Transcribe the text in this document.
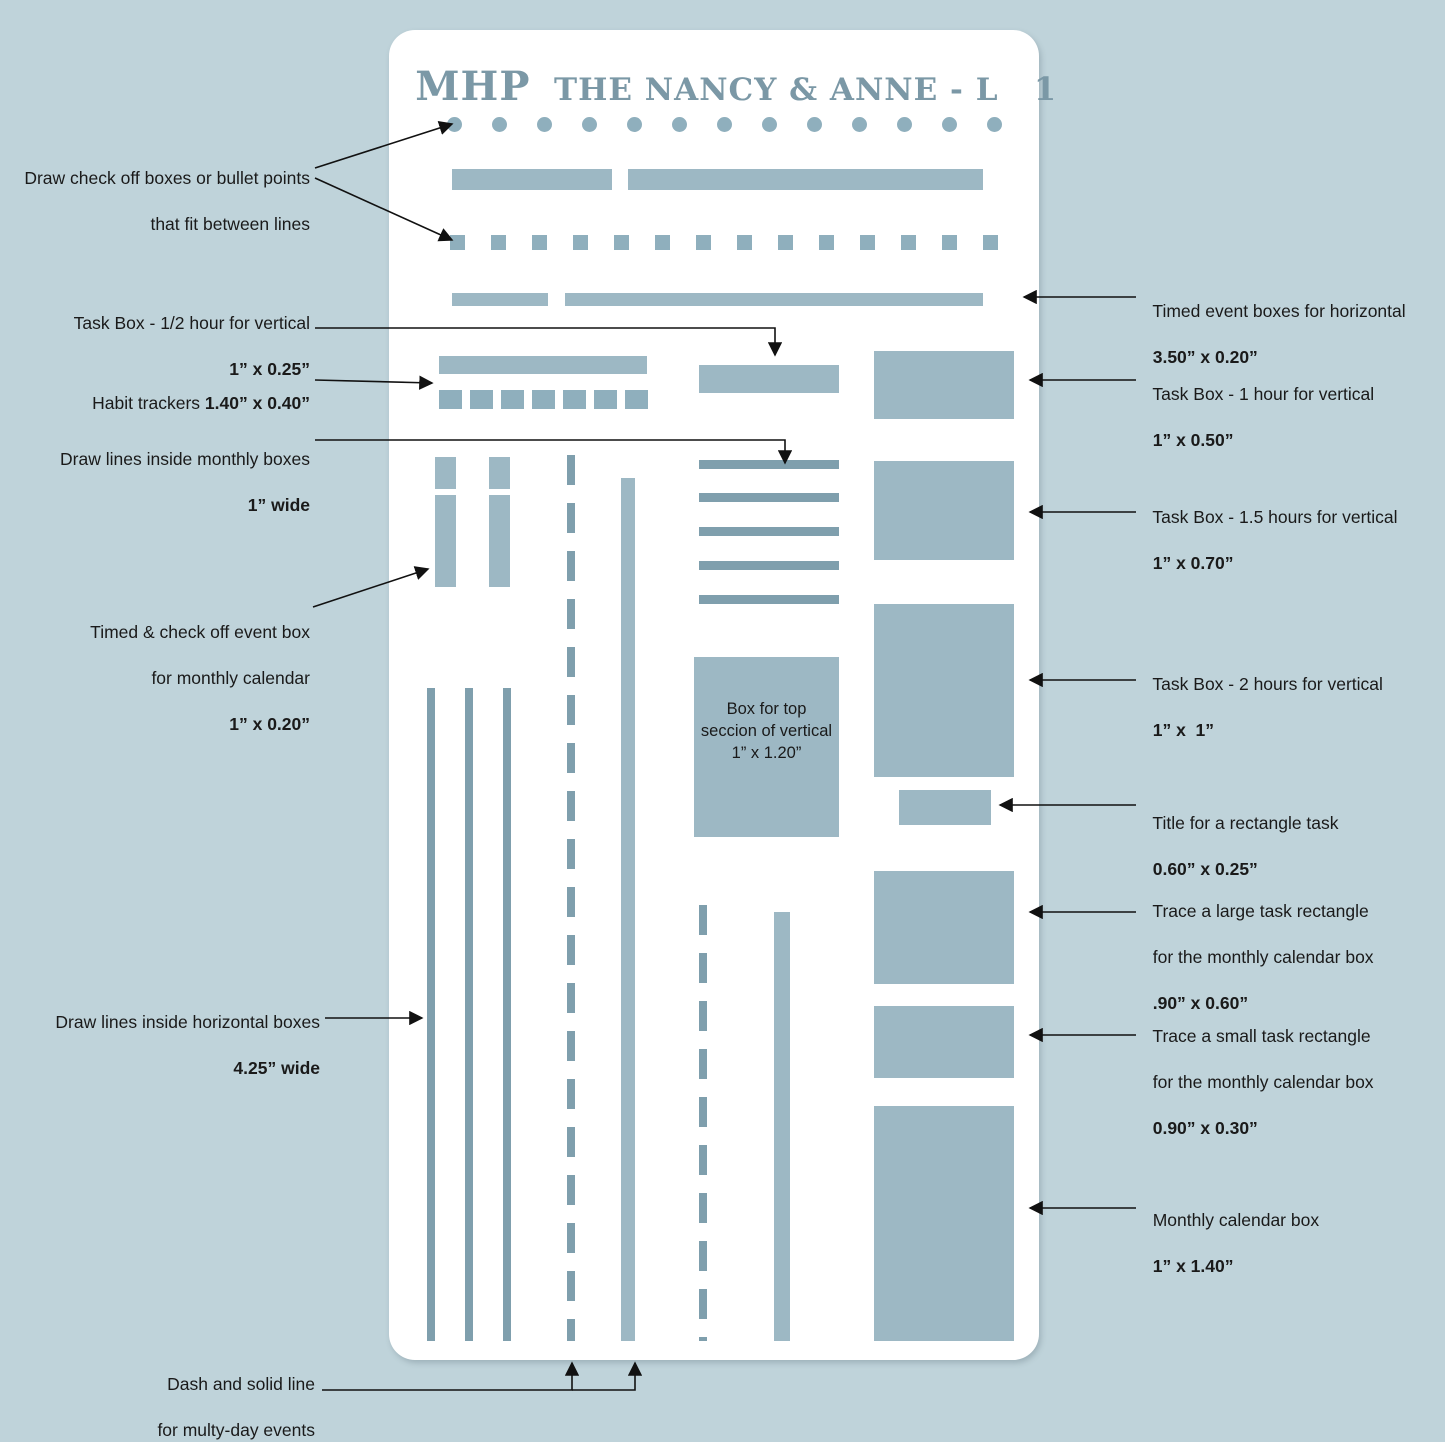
MHP THE NANCY & ANNE - L 1

Box for top
seccion of vertical
1” x 1.20”

Draw check off boxes or bullet points

that fit between lines

Task Box - 1/2 hour for vertical

1” x 0.25”

Habit trackers 1.40” x 0.40”

Draw lines inside monthly boxes

1” wide

Timed & check off event box

for monthly calendar

1” x 0.20”

Draw lines inside horizontal boxes

4.25” wide

Dash and solid line

for multy-day events

Timed event boxes for horizontal

3.50” x 0.20”

Task Box - 1 hour for vertical

1” x 0.50”

Task Box - 1.5 hours for vertical

1” x 0.70”

Task Box - 2 hours for vertical

1” x  1”

Title for a rectangle task

0.60” x 0.25”

Trace a large task rectangle

for the monthly calendar box

.90” x 0.60”

Trace a small task rectangle

for the monthly calendar box

0.90” x 0.30”

Monthly calendar box

1” x 1.40”
